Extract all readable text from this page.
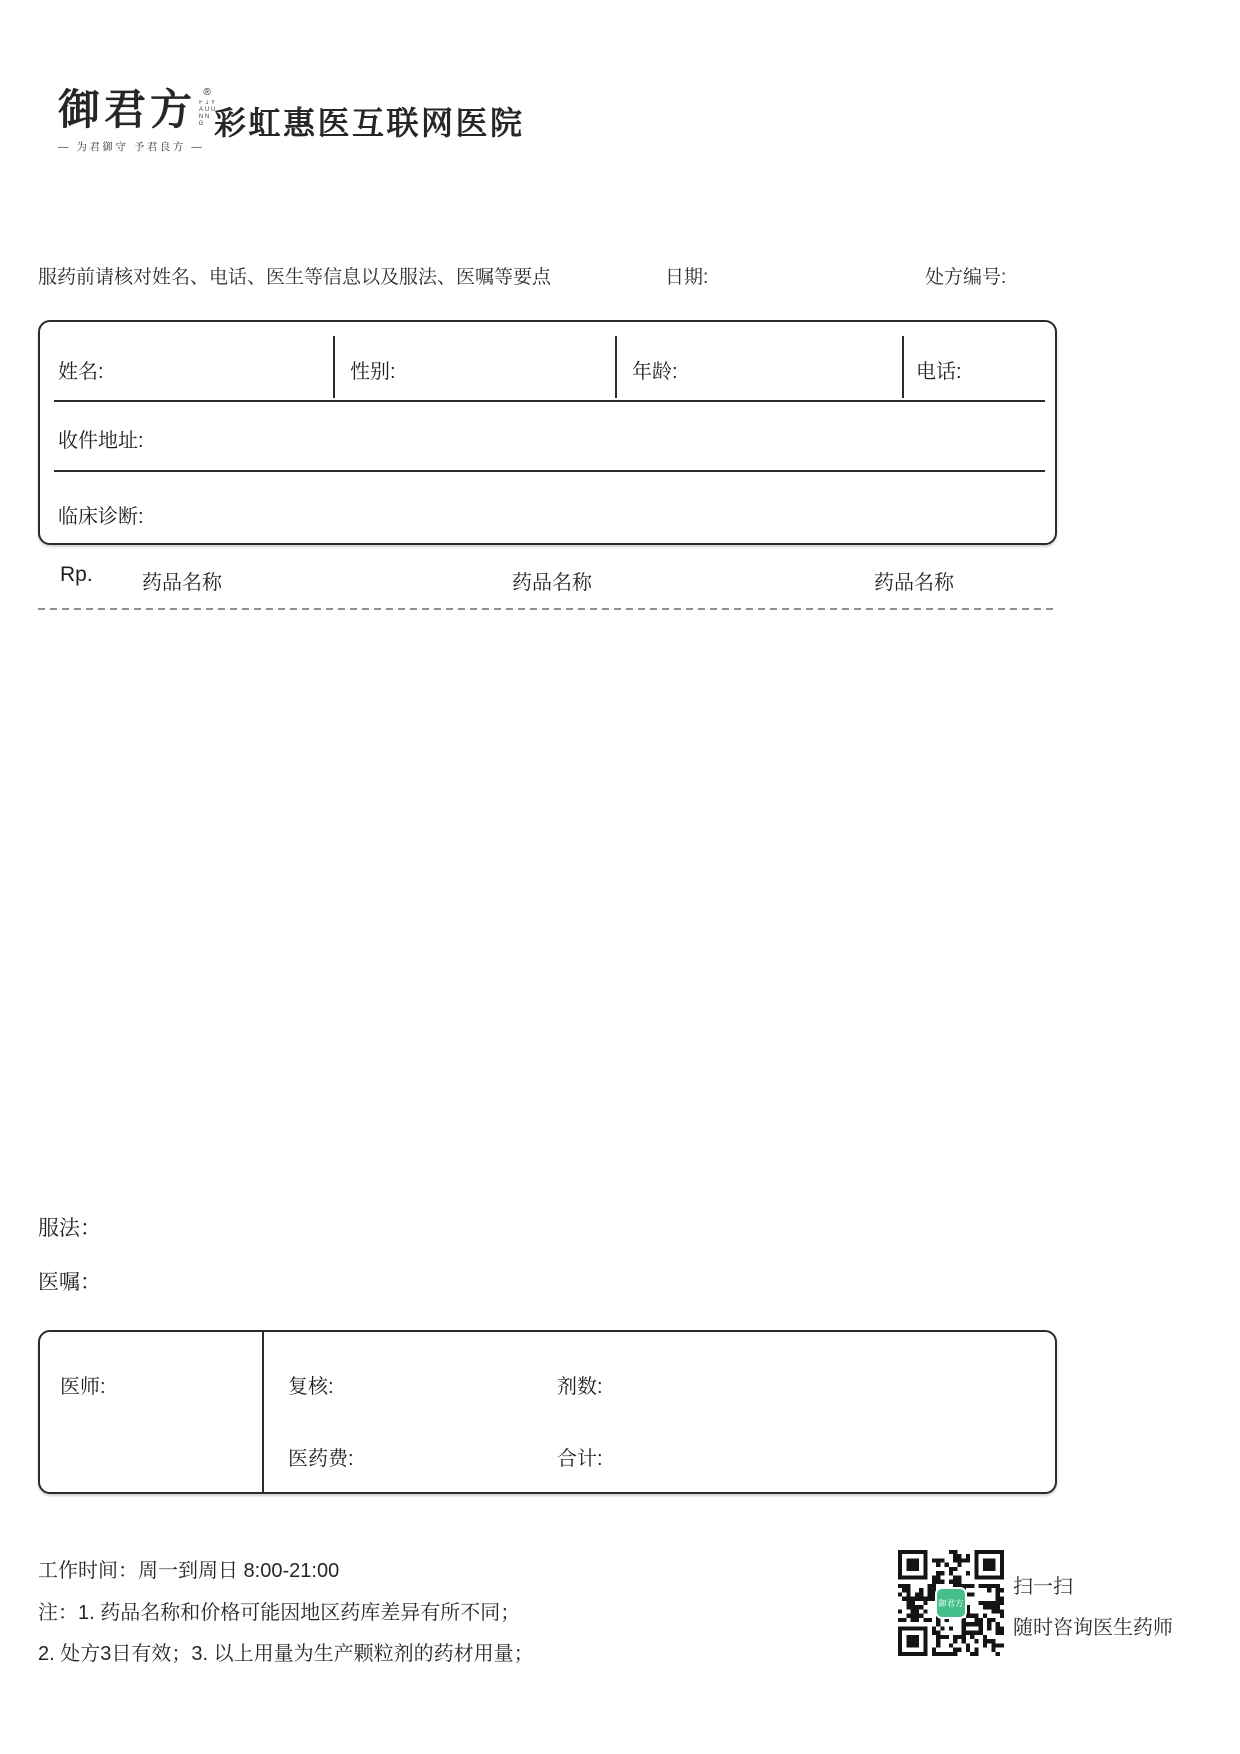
御君方 ®
YU JUN FANG
— 为君御守 予君良方 —
彩虹惠医互联网医院
服药前请核对姓名、电话、医生等信息以及服法、医嘱等要点	日期:	处方编号:
姓名:	性别:	年龄:	电话:
收件地址:
临床诊断:
Rp. 药品名称	药品名称	药品名称
服法：
医嘱：
医师:	复核:	剂数:
医药费:	合计:
工作时间：周一到周日 8:00-21:00
注：1. 药品名称和价格可能因地区药库差异有所不同；
2. 处方3日有效；3. 以上用量为生产颗粒剂的药材用量；
御君方
扫一扫
随时咨询医生药师
